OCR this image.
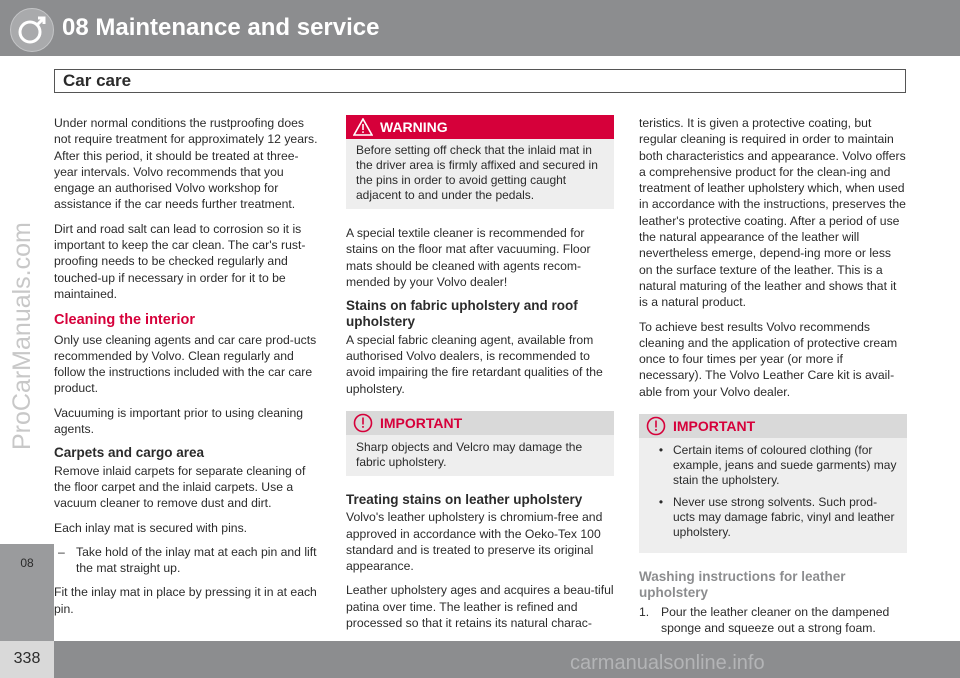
08 Maintenance and service
Car care
08
ProCarManuals.com
338	carmanualsonline.info

Under normal conditions the rustproofing does not require treatment for approximately 12 years. After this period, it should be treated at three-year intervals. Volvo recommends that you engage an authorised Volvo workshop for assistance if the car needs further treatment.

Dirt and road salt can lead to corrosion so it is important to keep the car clean. The car's rust-proofing needs to be checked regularly and touched-up if necessary in order for it to be maintained.

Cleaning the interior

Only use cleaning agents and car care prod-ucts recommended by Volvo. Clean regularly and follow the instructions included with the car care product.

Vacuuming is important prior to using cleaning agents.

Carpets and cargo area

Remove inlaid carpets for separate cleaning of the floor carpet and the inlaid carpets. Use a vacuum cleaner to remove dust and dirt.

Each inlay mat is secured with pins.

– Take hold of the inlay mat at each pin and lift the mat straight up.

Fit the inlay mat in place by pressing it in at each pin.

WARNING
Before setting off check that the inlaid mat in the driver area is firmly affixed and secured in the pins in order to avoid getting caught adjacent to and under the pedals.

A special textile cleaner is recommended for stains on the floor mat after vacuuming. Floor mats should be cleaned with agents recom-mended by your Volvo dealer!

Stains on fabric upholstery and roof upholstery

A special fabric cleaning agent, available from authorised Volvo dealers, is recommended to avoid impairing the fire retardant qualities of the upholstery.

IMPORTANT
Sharp objects and Velcro may damage the fabric upholstery.
Treating stains on leather upholstery

Volvo's leather upholstery is chromium-free and approved in accordance with the Oeko-Tex 100 standard and is treated to preserve its original appearance.

Leather upholstery ages and acquires a beau-tiful patina over time. The leather is refined and processed so that it retains its natural charac-

teristics. It is given a protective coating, but regular cleaning is required in order to maintain both characteristics and appearance. Volvo offers a comprehensive product for the clean-ing and treatment of leather upholstery which, when used in accordance with the instructions, preserves the leather's protective coating. After a period of use the natural appearance of the leather will nevertheless emerge, depend-ing more or less on the surface texture of the leather. This is a natural maturing of the leather and shows that it is a natural product.

To achieve best results Volvo recommends cleaning and the application of protective cream once to four times per year (or more if necessary). The Volvo Leather Care kit is avail-able from your Volvo dealer.

IMPORTANT
• Certain items of coloured clothing (for example, jeans and suede garments) may stain the upholstery.
• Never use strong solvents. Such prod-ucts may damage fabric, vinyl and leather upholstery.
Washing instructions for leather upholstery
1. Pour the leather cleaner on the dampened sponge and squeeze out a strong foam.
